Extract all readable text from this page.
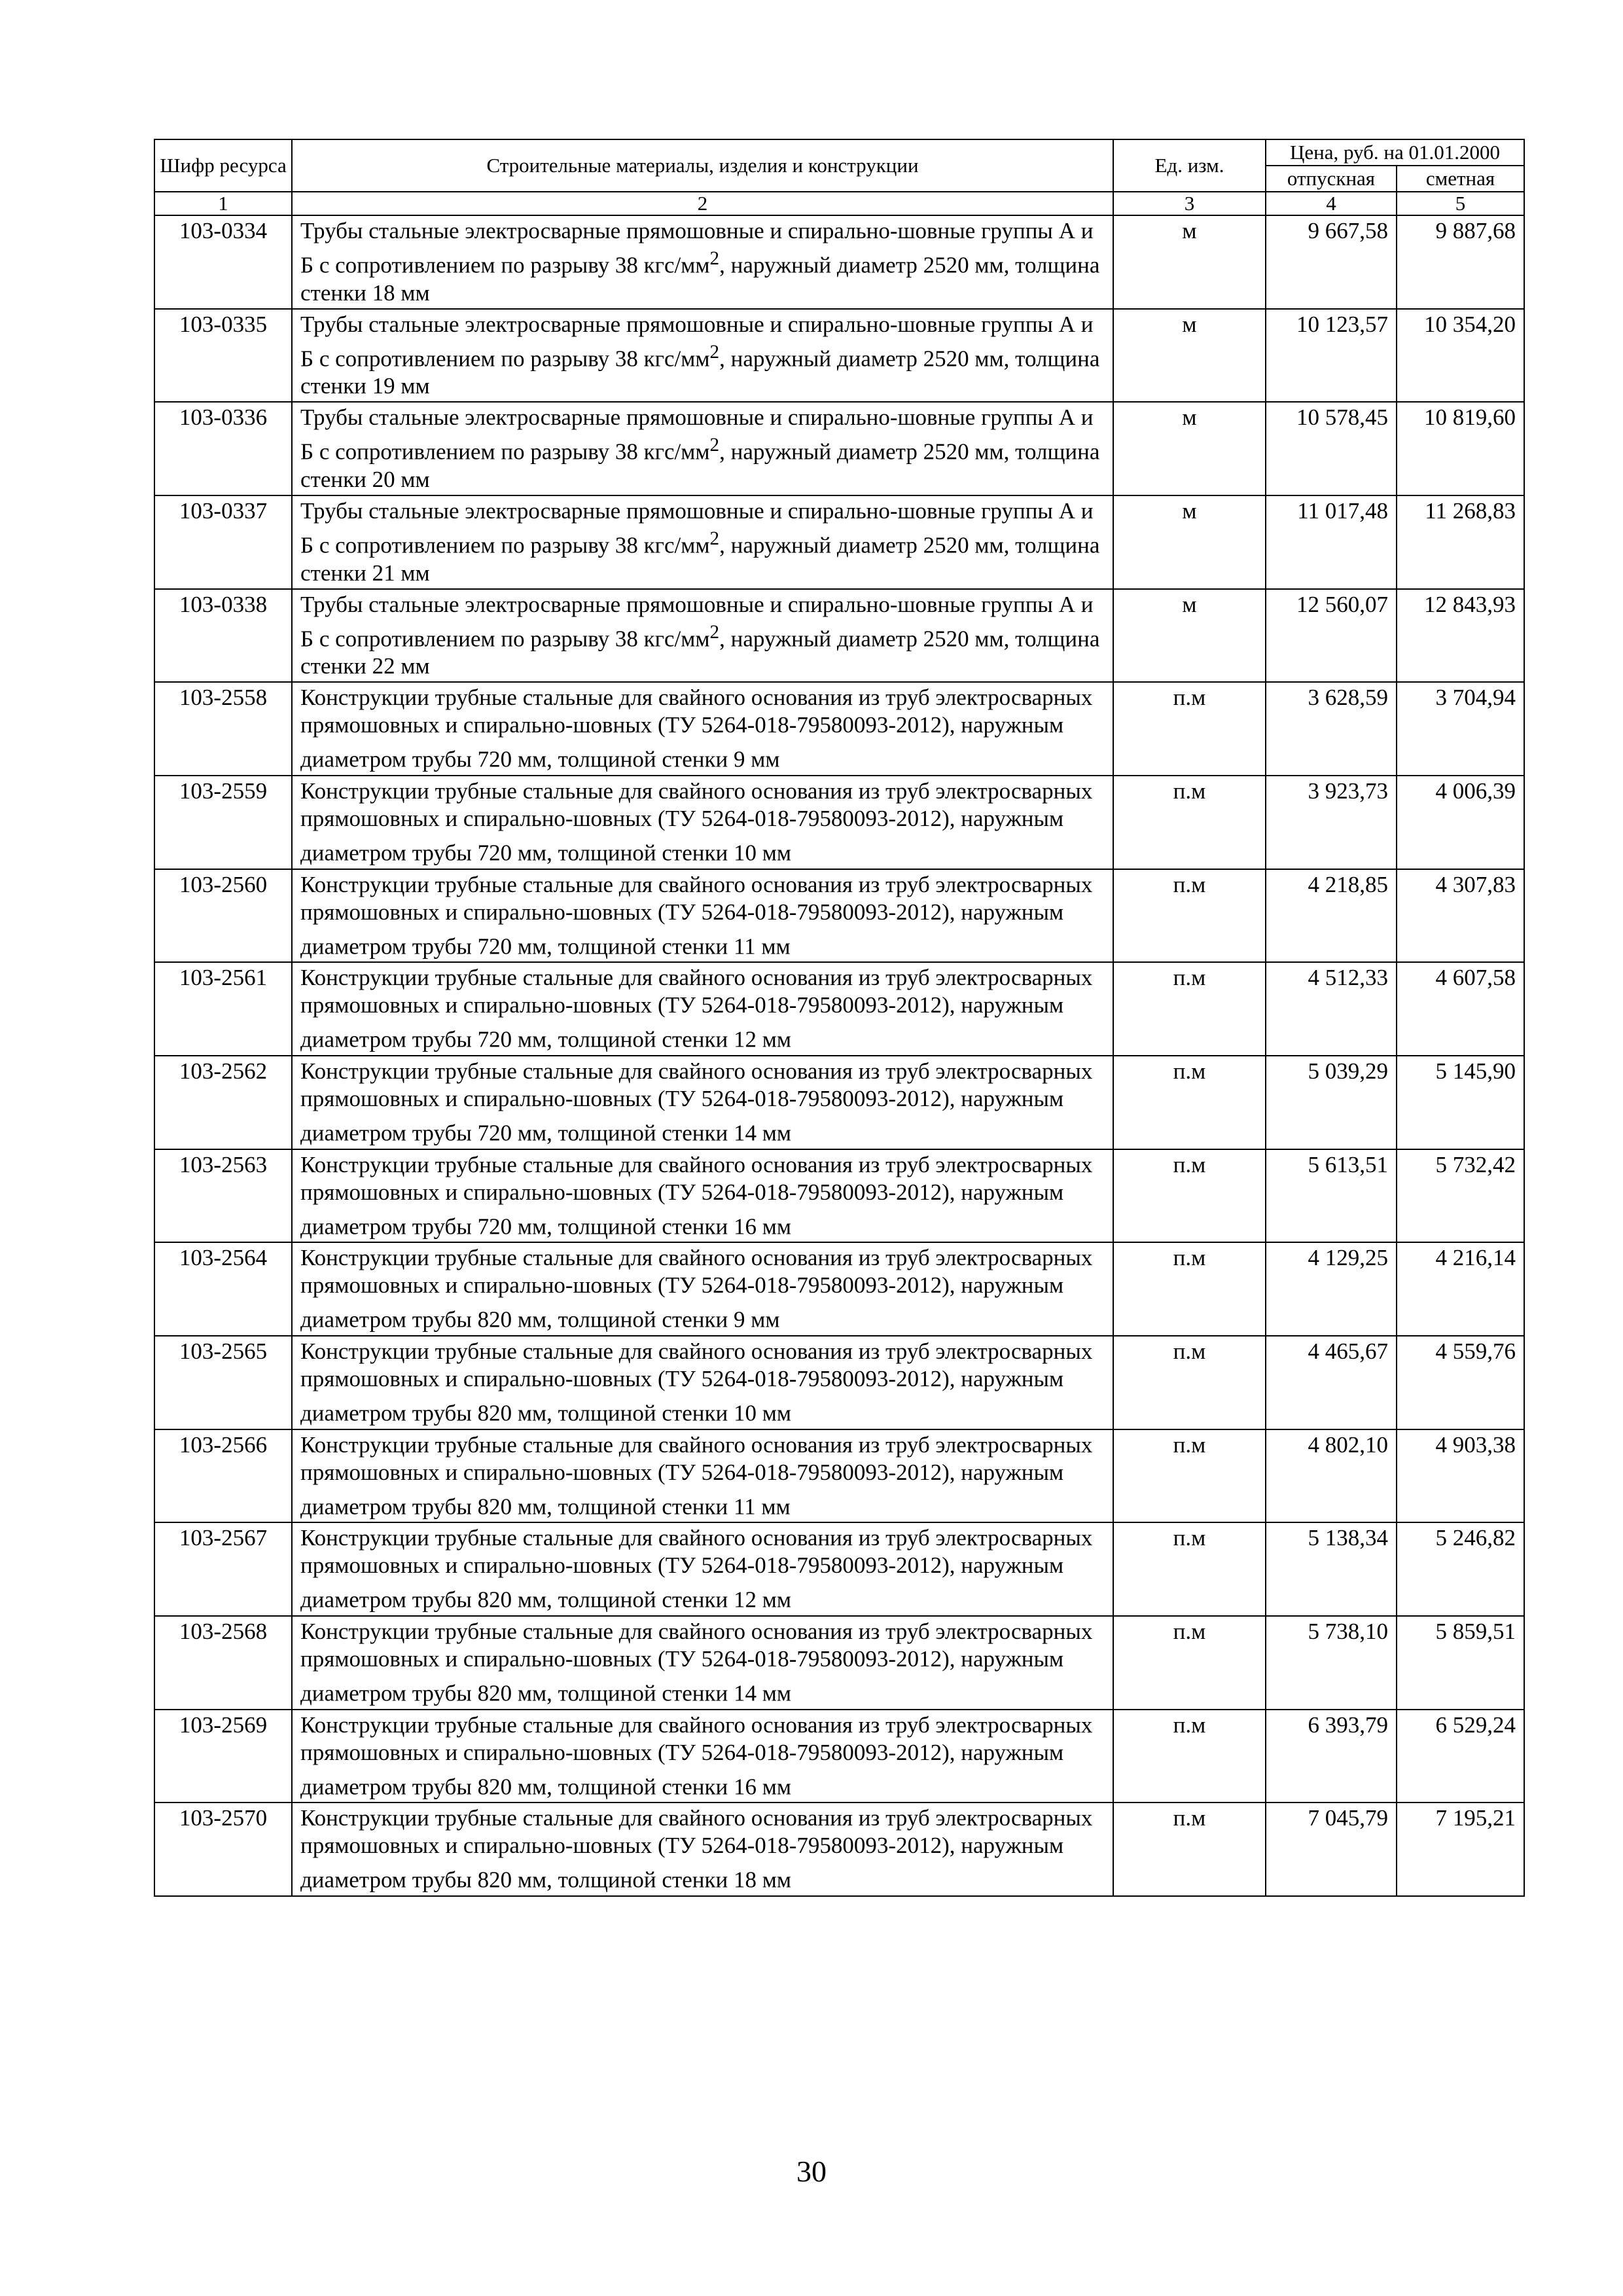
Шифр ресурса	Строительные материалы, изделия и конструкции	Ед. изм.	Цена, руб. на 01.01.2000	
			отпускная	сметная
1	2	3	4	5
103-0334	Трубы стальные электросварные прямошовные и спирально-шовные группы А и Б с сопротивлением по разрыву 38 кгс/$мм^2$, наружный диаметр 2520 мм, толщина стенки 18 мм	м	9 667,58	9 887,68
103-0335	Трубы стальные электросварные прямошовные и спирально-шовные группы А и Б с сопротивлением по разрыву 38 кгс/$мм^2$, наружный диаметр 2520 мм, толщина стенки 19 мм	м	10 123,57	10 354,20
103-0336	Трубы стальные электросварные прямошовные и спирально-шовные группы А и Б с сопротивлением по разрыву 38 кгс/$мм^2$, наружный диаметр 2520 мм, толщина стенки 20 мм	м	10 578,45	10 819,60
103-0337	Трубы стальные электросварные прямошовные и спирально-шовные группы А и Б с сопротивлением по разрыву 38 кгс/$мм^2$, наружный диаметр 2520 мм, толщина стенки 21 мм	м	11 017,48	11 268,83
103-0338	Трубы стальные электросварные прямошовные и спирально-шовные группы А и Б с сопротивлением по разрыву 38 кгс/$мм^2$, наружный диаметр 2520 мм, толщина стенки 22 мм	м	12 560,07	12 843,93
103-2558	Конструкции трубные стальные для свайного основания из труб электросварных прямошовных и спирально-шовных (ТУ 5264-018-79580093-2012), наружным диаметром трубы 720 мм, толщиной стенки 9 мм	п.м	3 628,59	3 704,94
103-2559	Конструкции трубные стальные для свайного основания из труб электросварных прямошовных и спирально-шовных (ТУ 5264-018-79580093-2012), наружным диаметром трубы 720 мм, толщиной стенки 10 мм	п.м	3 923,73	4 006,39
103-2560	Конструкции трубные стальные для свайного основания из труб электросварных прямошовных и спирально-шовных (ТУ 5264-018-79580093-2012), наружным диаметром трубы 720 мм, толщиной стенки 11 мм	п.м	4 218,85	4 307,83
103-2561	Конструкции трубные стальные для свайного основания из труб электросварных прямошовных и спирально-шовных (ТУ 5264-018-79580093-2012), наружным диаметром трубы 720 мм, толщиной стенки 12 мм	п.м	4 512,33	4 607,58
103-2562	Конструкции трубные стальные для свайного основания из труб электросварных прямошовных и спирально-шовных (ТУ 5264-018-79580093-2012), наружным диаметром трубы 720 мм, толщиной стенки 14 мм	п.м	5 039,29	5 145,90
103-2563	Конструкции трубные стальные для свайного основания из труб электросварных прямошовных и спирально-шовных (ТУ 5264-018-79580093-2012), наружным диаметром трубы 720 мм, толщиной стенки 16 мм	п.м	5 613,51	5 732,42
103-2564	Конструкции трубные стальные для свайного основания из труб электросварных прямошовных и спирально-шовных (ТУ 5264-018-79580093-2012), наружным диаметром трубы 820 мм, толщиной стенки 9 мм	п.м	4 129,25	4 216,14
103-2565	Конструкции трубные стальные для свайного основания из труб электросварных прямошовных и спирально-шовных (ТУ 5264-018-79580093-2012), наружным диаметром трубы 820 мм, толщиной стенки 10 мм	п.м	4 465,67	4 559,76
103-2566	Конструкции трубные стальные для свайного основания из труб электросварных прямошовных и спирально-шовных (ТУ 5264-018-79580093-2012), наружным диаметром трубы 820 мм, толщиной стенки 11 мм	п.м	4 802,10	4 903,38
103-2567	Конструкции трубные стальные для свайного основания из труб электросварных прямошовных и спирально-шовных (ТУ 5264-018-79580093-2012), наружным диаметром трубы 820 мм, толщиной стенки 12 мм	п.м	5 138,34	5 246,82
103-2568	Конструкции трубные стальные для свайного основания из труб электросварных прямошовных и спирально-шовных (ТУ 5264-018-79580093-2012), наружным диаметром трубы 820 мм, толщиной стенки 14 мм	п.м	5 738,10	5 859,51
103-2569	Конструкции трубные стальные для свайного основания из труб электросварных прямошовных и спирально-шовных (ТУ 5264-018-79580093-2012), наружным диаметром трубы 820 мм, толщиной стенки 16 мм	п.м	6 393,79	6 529,24
103-2570	Конструкции трубные стальные для свайного основания из труб электросварных прямошовных и спирально-шовных (ТУ 5264-018-79580093-2012), наружным диаметром трубы 820 мм, толщиной стенки 18 мм	п.м	7 045,79	7 195,21
30
